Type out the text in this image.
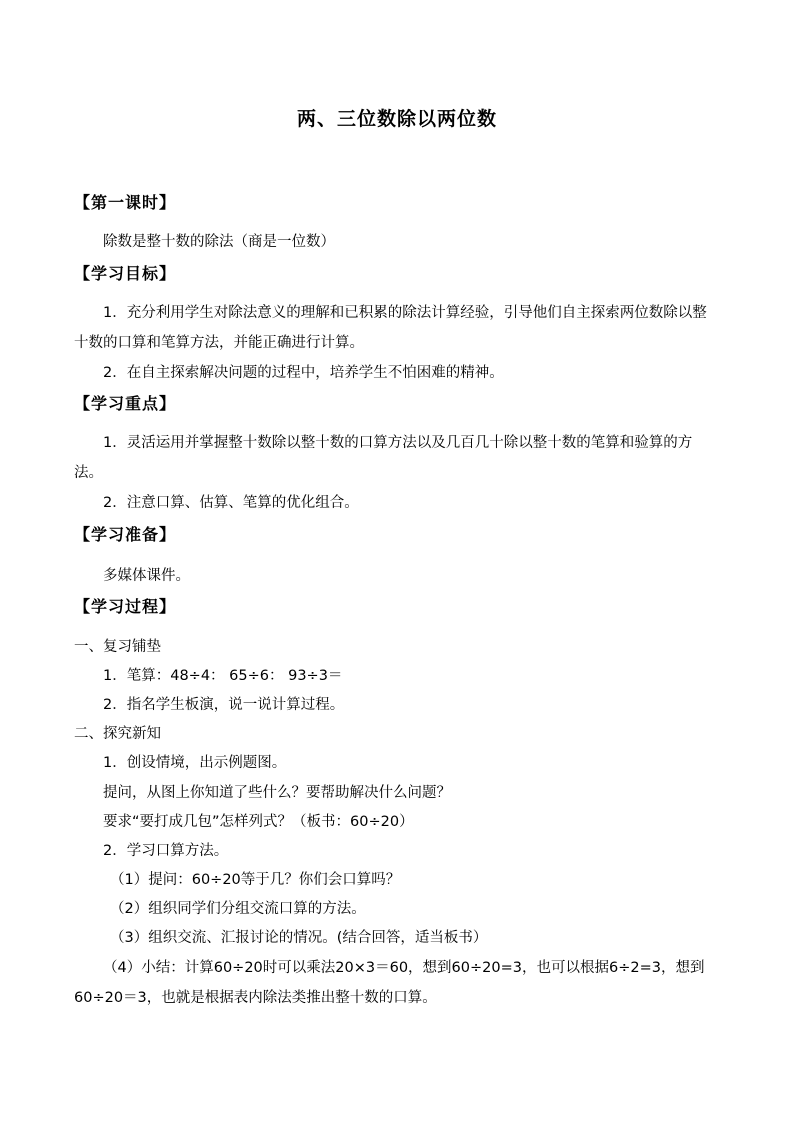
两、三位数除以两位数
【第一课时】
除数是整十数的除法（商是一位数）
【学习目标】
1．充分利用学生对除法意义的理解和已积累的除法计算经验，引导他们自主探索两位数除以整十数的口算和笔算方法，并能正确进行计算。
2．在自主探索解决问题的过程中，培养学生不怕困难的精神。
【学习重点】
1．灵活运用并掌握整十数除以整十数的口算方法以及几百几十除以整十数的笔算和验算的方法。
2．注意口算、估算、笔算的优化组合。
【学习准备】
多媒体课件。
【学习过程】
一、复习铺垫
1．笔算：48÷4： 65÷6： 93÷3＝
2．指名学生板演，说一说计算过程。
二、探究新知
1．创设情境，出示例题图。
提问，从图上你知道了些什么？要帮助解决什么问题？
要求“要打成几包”怎样列式？（板书：60÷20）
2．学习口算方法。
（1）提问：60÷20等于几？你们会口算吗？
（2）组织同学们分组交流口算的方法。
（3）组织交流、汇报讨论的情况。(结合回答，适当板书）
（4）小结：计算60÷20时可以乘法20×3＝60，想到60÷20=3，也可以根据6÷2=3，想到60÷20＝3，也就是根据表内除法类推出整十数的口算。
